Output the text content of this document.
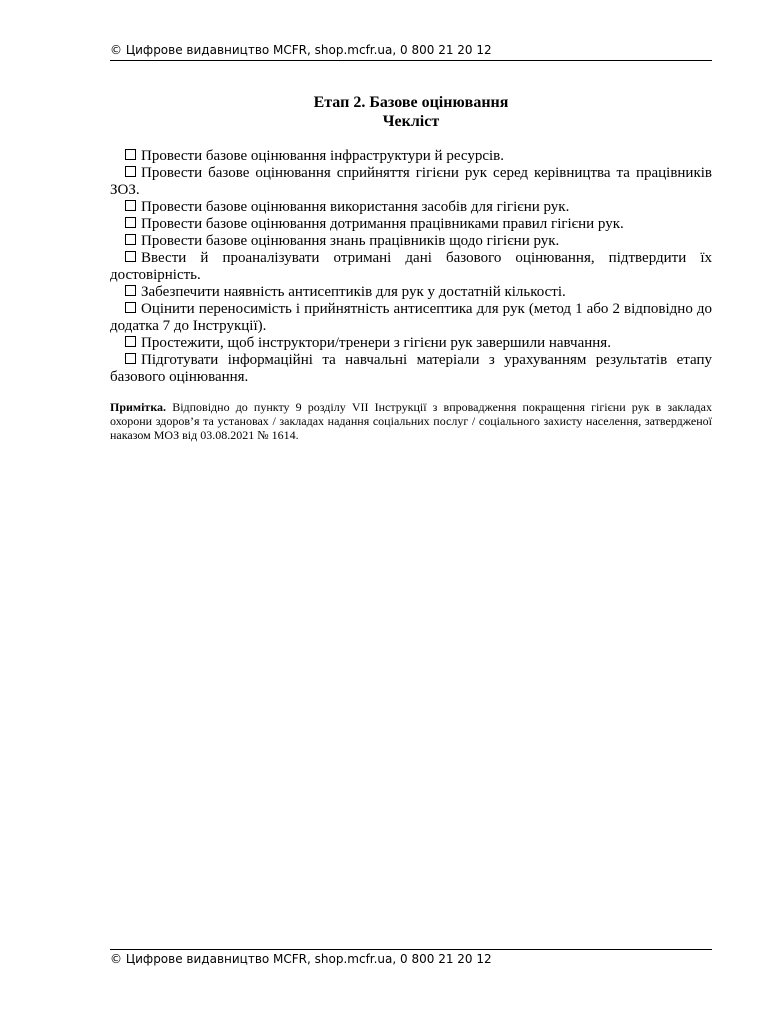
© Цифрове видавництво MCFR, shop.mcfr.ua, 0 800 21 20 12
Етап 2. Базове оцінювання
Чекліст

Провести базове оцінювання інфраструктури й ресурсів.

Провести базове оцінювання сприйняття гігієни рук серед керівництва та працівників ЗОЗ.

Провести базове оцінювання використання засобів для гігієни рук.

Провести базове оцінювання дотримання працівниками правил гігієни рук.

Провести базове оцінювання знань працівників щодо гігієни рук.

Ввести й проаналізувати отримані дані базового оцінювання, підтвердити їх достовірність.

Забезпечити наявність антисептиків для рук у достатній кількості.

Оцінити переносимість і прийнятність антисептика для рук (метод 1 або 2 відповідно до додатка 7 до Інструкції).

Простежити, щоб інструктори/тренери з гігієни рук завершили навчання.

Підготувати інформаційні та навчальні матеріали з урахуванням результатів етапу базового оцінювання.

Примітка. Відповідно до пункту 9 розділу VII Інструкції з впровадження покращення гігієни рук в закладах охорони здоров’я та установах / закладах надання соціальних послуг / соціального захисту населення, затвердженої наказом МОЗ від 03.08.2021 № 1614.
© Цифрове видавництво MCFR, shop.mcfr.ua, 0 800 21 20 12
